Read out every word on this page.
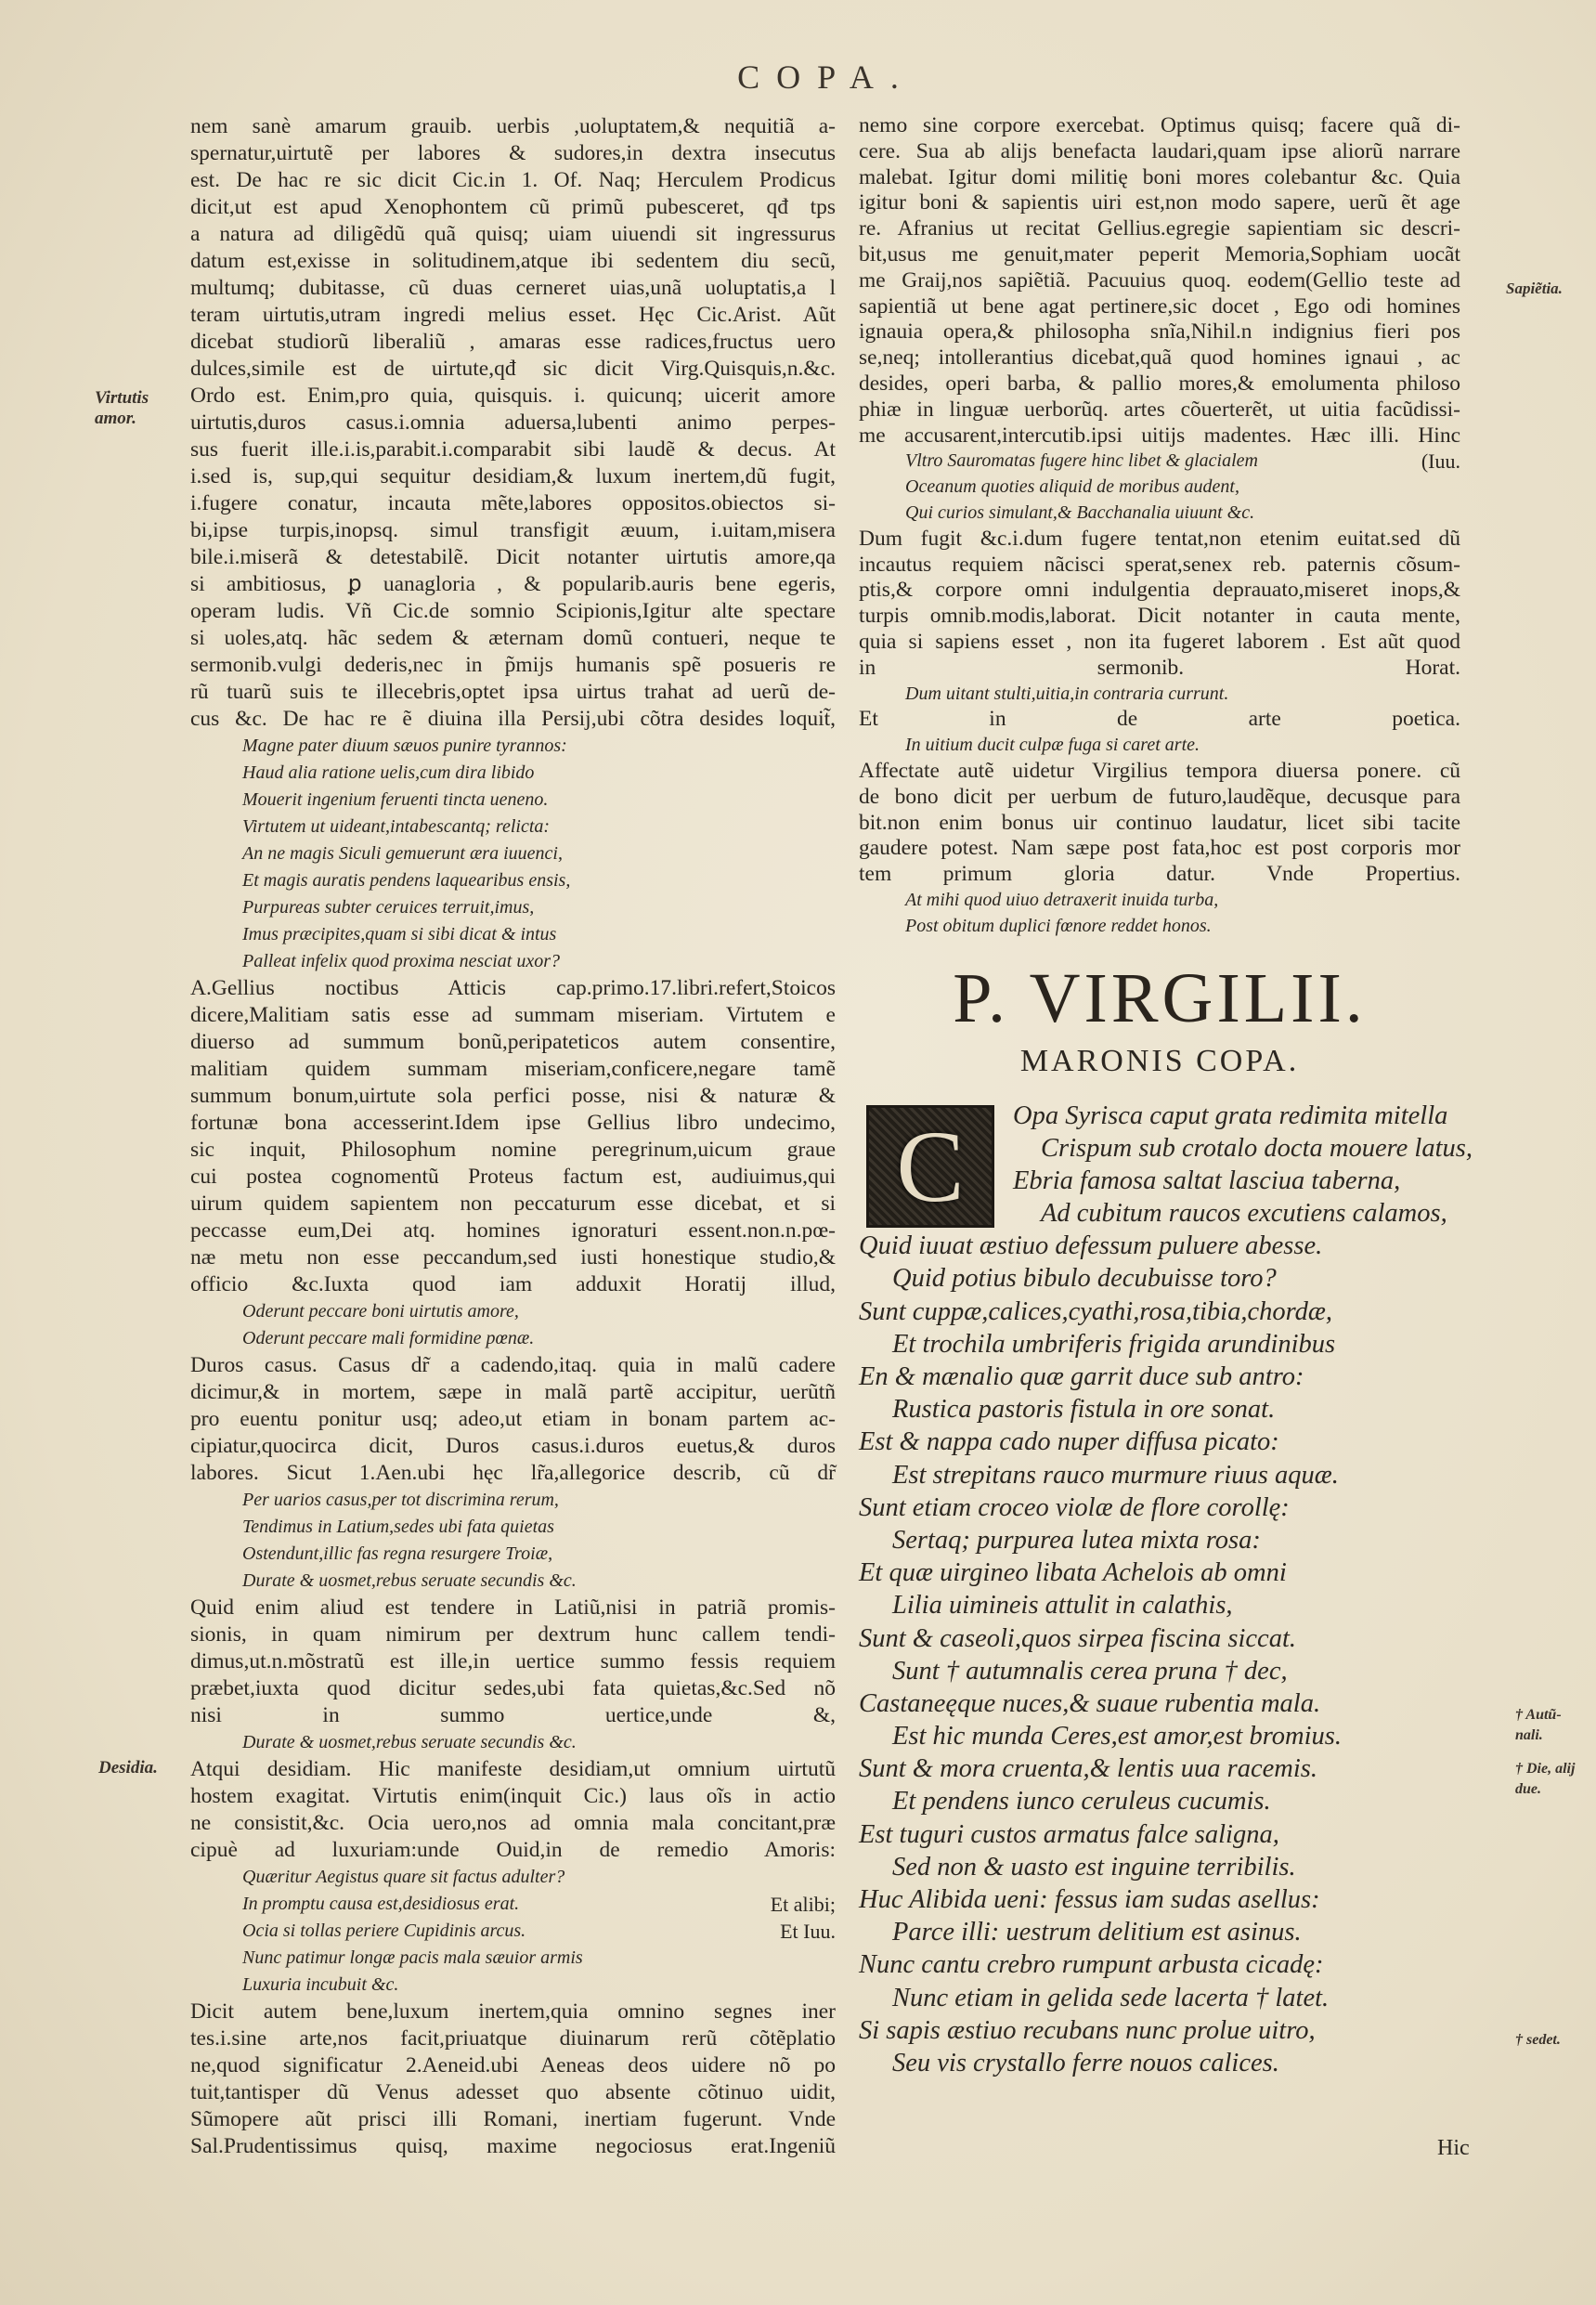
COPA.
nem sanè amarum grauib. uerbis ,uoluptatem,& nequitiã a-
spernatur,uirtutẽ per labores & sudores,in dextra insecutus
est. De hac re sic dicit Cic.in 1. Of. Naq; Herculem Prodicus
dicit,ut est apud Xenophontem cũ primũ pubesceret, qđ tps
a natura ad diligẽdũ quã quisq; uiam uiuendi sit ingressurus
datum est,exisse in solitudinem,atque ibi sedentem diu secũ,
multumq; dubitasse, cũ duas cerneret uias,unã uoluptatis,a l
teram uirtutis,utram ingredi melius esset. Hęc Cic.Arist. Aũt
dicebat studiorũ liberaliũ , amaras esse radices,fructus uero
dulces,simile est de uirtute,qđ sic dicit Virg.Quisquis,n.&c.
Ordo est. Enim,pro quia, quisquis. i. quicunq; uicerit amore
uirtutis,duros casus.i.omnia aduersa,lubenti animo perpes-
sus fuerit ille.i.is,parabit.i.comparabit sibi laudẽ & decus. At
i.sed is, sup,qui sequitur desidiam,& luxum inertem,dũ fugit,
i.fugere conatur, incauta mẽte,labores oppositos.obiectos si-
bi,ipse turpis,inopsq. simul transfigit æuum, i.uitam,misera
bile.i.miserã & detestabilẽ. Dicit notanter uirtutis amore,qa
si ambitiosus, ꝑ uanagloria , & popularib.auris bene egeris,
operam ludis. Vñ Cic.de somnio Scipionis,Igitur alte spectare
si uoles,atq. hãc sedem & æternam domũ contueri, neque te
sermonib.vulgi dederis,nec in p̃mijs humanis spẽ posueris re
rũ tuarũ suis te illecebris,optet ipsa uirtus trahat ad uerũ de-
cus &c. De hac re ẽ diuina illa Persij,ubi cõtra desides loquit̃,
Magne pater diuum sæuos punire tyrannos:
Haud alia ratione uelis,cum dira libido
Mouerit ingenium feruenti tincta ueneno.
Virtutem ut uideant,intabescantq; relicta:
An ne magis Siculi gemuerunt æra iuuenci,
Et magis auratis pendens laquearibus ensis,
Purpureas subter ceruices terruit,imus,
Imus præcipites,quam si sibi dicat & intus
Palleat infelix quod proxima nesciat uxor?
A.Gellius noctibus Atticis cap.primo.17.libri.refert,Stoicos
dicere,Malitiam satis esse ad summam miseriam. Virtutem e
diuerso ad summum bonũ,peripateticos autem consentire,
malitiam quidem summam miseriam,conficere,negare tamẽ
summum bonum,uirtute sola perfici posse, nisi & naturæ &
fortunæ bona accesserint.Idem ipse Gellius libro undecimo,
sic inquit, Philosophum nomine peregrinum,uicum graue
cui postea cognomentũ Proteus factum est, audiuimus,qui
uirum quidem sapientem non peccaturum esse dicebat, et si
peccasse eum,Dei atq. homines ignoraturi essent.non.n.pœ-
næ metu non esse peccandum,sed iusti honestique studio,&
officio &c.Iuxta quod iam adduxit Horatij illud,
Oderunt peccare boni uirtutis amore,
Oderunt peccare mali formidine pœnæ.
Duros casus. Casus dr̃ a cadendo,itaq. quia in malũ cadere
dicimur,& in mortem, sæpe in malã partẽ accipitur, uerũtñ
pro euentu ponitur usq; adeo,ut etiam in bonam partem ac-
cipiatur,quocirca dicit, Duros casus.i.duros euetus,& duros
labores. Sicut 1.Aen.ubi hęc lr̃a,allegorice describ, cũ dr̃
Per uarios casus,per tot discrimina rerum,
Tendimus in Latium,sedes ubi fata quietas
Ostendunt,illic fas regna resurgere Troiæ,
Durate & uosmet,rebus seruate secundis &c.
Quid enim aliud est tendere in Latiũ,nisi in patriã promis-
sionis, in quam nimirum per dextrum hunc callem tendi-
dimus,ut.n.mõstratũ est ille,in uertice summo fessis requiem
præbet,iuxta quod dicitur sedes,ubi fata quietas,&c.Sed nõ
nisi in summo uertice,unde &,
Durate & uosmet,rebus seruate secundis &c.
Atqui desidiam. Hic manifeste desidiam,ut omnium uirtutũ
hostem exagitat. Virtutis enim(inquit Cic.) laus oĩs in actio
ne consistit,&c. Ocia uero,nos ad omnia mala concitant,præ
cipuè ad luxuriam:unde Ouid,in de remedio Amoris:
Quæritur Aegistus quare sit factus adulter?
In promptu causa est,desidiosus erat.	Et alibi;
Ocia si tollas periere Cupidinis arcus.	Et Iuu.
Nunc patimur longæ pacis mala sæuior armis
Luxuria incubuit &c.
Dicit autem bene,luxum inertem,quia omnino segnes iner
tes.i.sine arte,nos facit,priuatque diuinarum rerũ cõtẽplatio
ne,quod significatur 2.Aeneid.ubi Aeneas deos uidere nõ po
tuit,tantisper dũ Venus adesset quo absente cõtinuo uidit,
Sũmopere aũt prisci illi Romani, inertiam fugerunt. Vnde
Sal.Prudentissimus quisq, maxime negociosus erat.Ingeniũ
nemo sine corpore exercebat. Optimus quisq; facere quã di-
cere. Sua ab alijs benefacta laudari,quam ipse aliorũ narrare
malebat. Igitur domi militię boni mores colebantur &c. Quia
igitur boni & sapientis uiri est,non modo sapere, uerũ ẽt age
re. Afranius ut recitat Gellius.egregie sapientiam sic descri-
bit,usus me genuit,mater peperit Memoria,Sophiam uocãt
me Graij,nos sapiẽtiã. Pacuuius quoq. eodem(Gellio teste ad
sapientiã ut bene agat pertinere,sic docet , Ego odi homines
ignauia opera,& philosopha snĩa,Nihil.n indignius fieri pos
se,neq; intollerantius dicebat,quã quod homines ignaui , ac
desides, operi barba, & pallio mores,& emolumenta philoso
phiæ in linguæ uerborũq. artes cõuerterẽt, ut uitia facũdissi-
me accusarent,intercutib.ipsi uitijs madentes. Hæc illi. Hinc
Vltro Sauromatas fugere hinc libet & glacialem	(Iuu.
Oceanum quoties aliquid de moribus audent,
Qui curios simulant,& Bacchanalia uiuunt &c.
Dum fugit &c.i.dum fugere tentat,non etenim euitat.sed dũ
incautus requiem nãcisci sperat,senex reb. paternis cõsum-
ptis,& corpore omni indulgentia deprauato,miseret inops,&
turpis omnib.modis,laborat. Dicit notanter in cauta mente,
quia si sapiens esset , non ita fugeret laborem . Est aũt quod
in sermonib. Horat.
Dum uitant stulti,uitia,in contraria currunt.
Et in de arte poetica.
In uitium ducit culpæ fuga si caret arte.
Affectate autẽ uidetur Virgilius tempora diuersa ponere. cũ
de bono dicit per uerbum de futuro,laudẽque, decusque para
bit.non enim bonus uir continuo laudatur, licet sibi tacite
gaudere potest. Nam sæpe post fata,hoc est post corporis mor
tem primum gloria datur. Vnde Propertius.
At mihi quod uiuo detraxerit inuida turba,
Post obitum duplici fœnore reddet honos.
P. VIRGILII.
MARONIS COPA.
C	Opa Syrisca caput grata redimita mitella
Crispum sub crotalo docta mouere latus,
Ebria famosa saltat lasciua taberna,
Ad cubitum raucos excutiens calamos,
Quid iuuat æstiuo defessum puluere abesse.
Quid potius bibulo decubuisse toro?
Sunt cuppæ,calices,cyathi,rosa,tibia,chordæ,
Et trochila umbriferis frigida arundinibus
En & mænalio quæ garrit duce sub antro:
Rustica pastoris fistula in ore sonat.
Est & nappa cado nuper diffusa picato:
Est strepitans rauco murmure riuus aquæ.
Sunt etiam croceo violæ de flore corollę:
Sertaq; purpurea lutea mixta rosa:
Et quæ uirgineo libata Achelois ab omni
Lilia uimineis attulit in calathis,
Sunt & caseoli,quos sirpea fiscina siccat.
Sunt † autumnalis cerea pruna † dec,
Castaneęque nuces,& suaue rubentia mala.
Est hic munda Ceres,est amor,est bromius.
Sunt & mora cruenta,& lentis uua racemis.
Et pendens iunco ceruleus cucumis.
Est tuguri custos armatus falce saligna,
Sed non & uasto est inguine terribilis.
Huc Alibida ueni: fessus iam sudas asellus:
Parce illi: uestrum delitium est asinus.
Nunc cantu crebro rumpunt arbusta cicadę:
Nunc etiam in gelida sede lacerta † latet.
Si sapis æstiuo recubans nunc prolue uitro,
Seu vis crystallo ferre nouos calices.
Virtutis amor.
Desidia.
Sapiẽtia.
† Autũ-nali.
† Die, alij due.
† sedet.
Hic
